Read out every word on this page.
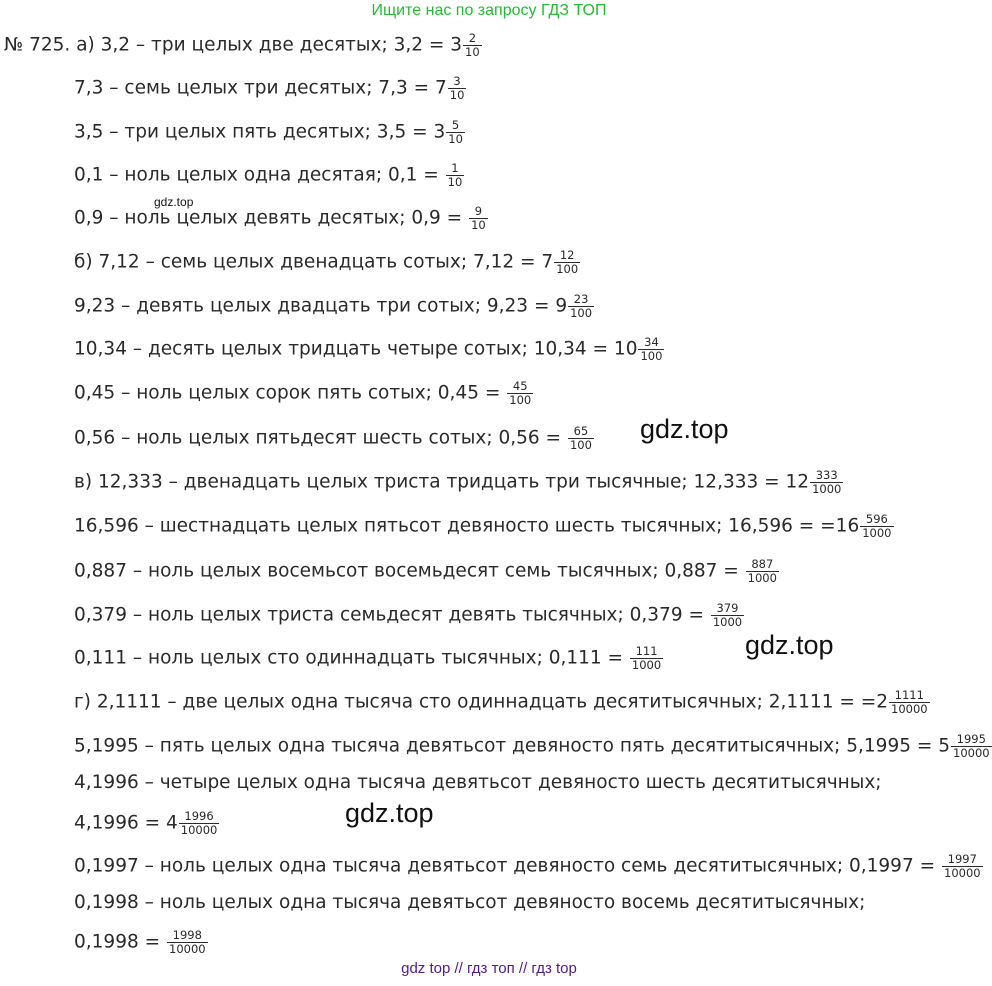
Ищите нас по запросу ГДЗ ТОП
№ 725. а) 3,2 – три целых две десятых; $3,2 = 3 \frac{2}{10}$
7,3 – семь целых три десятых; $7,3 = 7 \frac{3}{10}$
3,5 – три целых пять десятых; $3,5 = 3 \frac{5}{10}$
0,1 – ноль целых одна десятая; $0,1 = \frac{1}{10}$
gdz.top
0,9 – ноль целых девять десятых; $0,9 = \frac{9}{10}$
б) 7,12 – семь целых двенадцать сотых; $7,12 = 7 \frac{12}{100}$
9,23 – девять целых двадцать три сотых; $9,23 = 9 \frac{23}{100}$
10,34 – десять целых тридцать четыре сотых; $10,34 = 10 \frac{34}{100}$
0,45 – ноль целых сорок пять сотых; $0,45 = \frac{45}{100}$
0,56 – ноль целых пятьдесят шесть сотых; $0,56 = \frac{65}{100} gdz.top$
в) 12,333 – двенадцать целых триста тридцать три тысячные; $12,333 = 12 \frac{333}{1000}$
16,596 – шестнадцать целых пятьсот девяносто шесть тысячных; $16,596 = =16 \frac{596}{1000}$
0,887 – ноль целых восемьсот восемьдесят семь тысячных; $0,887 = \frac{887}{1000}$
0,379 – ноль целых триста семьдесят девять тысячных; $0,379 = \frac{379}{1000}$
gdz.top
0,111 – ноль целых сто одиннадцать тысячных; $0,111 = \frac{111}{1000}$
г) 2,1111 – две целых одна тысяча сто одиннадцать десятитысячных; $2,1111 = =2 \frac{1111}{10000}$
5,1995 – пять целых одна тысяча девятьсот девяносто пять десятитысячных; $5,1995 = 5 \frac{1995}{10000}$
4,1996 – четыре целых одна тысяча девятьсот девяносто шесть десятитысячных;
$4,1996 = 4 \frac{1996}{10000}$	gdz.top
0,1997 – ноль целых одна тысяча девятьсот девяносто семь десятитысячных; $0,1997 = \frac{1997}{10000}$
0,1998 – ноль целых одна тысяча девятьсот девяносто восемь десятитысячных;
$0,1998 = \frac{1998}{10000}$
gdz top // гдз топ // гдз top
